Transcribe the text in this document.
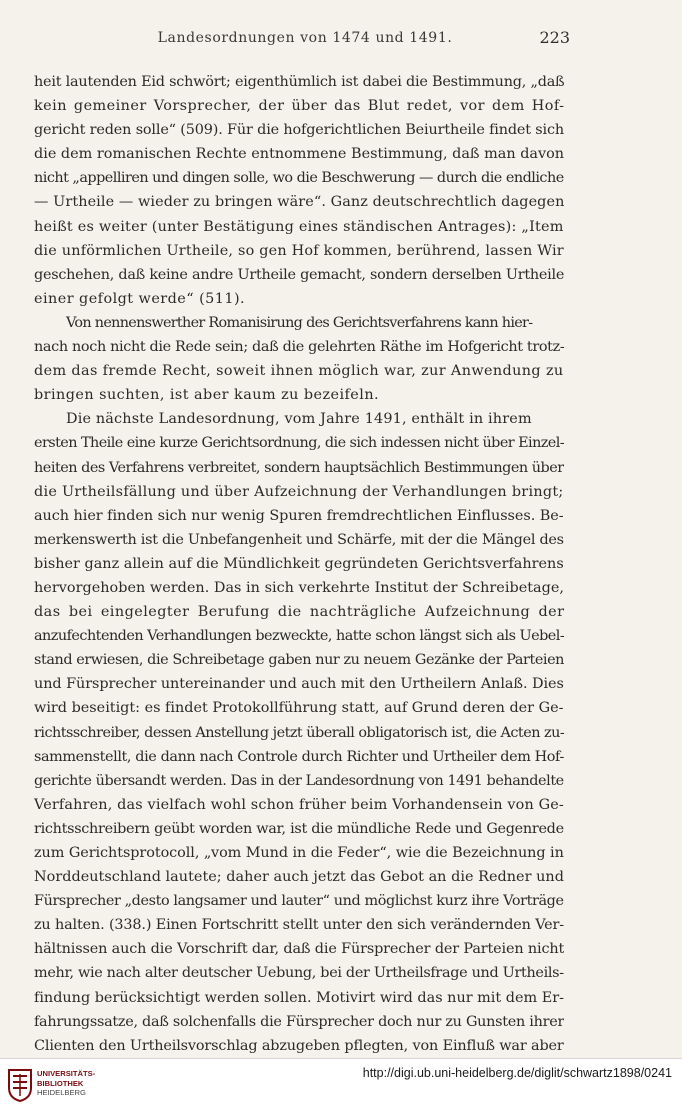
Landesordnungen von 1474 und 1491.	223
heit lautenden Eid schwört; eigenthümlich ist dabei die Bestimmung, „daß
kein gemeiner Vorsprecher, der über das Blut redet, vor dem Hof-
gericht reden solle“ (509). Für die hofgerichtlichen Beiurtheile findet sich
die dem romanischen Rechte entnommene Bestimmung, daß man davon
nicht „appelliren und dingen solle, wo die Beschwerung — durch die endliche
— Urtheile — wieder zu bringen wäre“. Ganz deutschrechtlich dagegen
heißt es weiter (unter Bestätigung eines ständischen Antrages): „Item
die unförmlichen Urtheile, so gen Hof kommen, berührend, lassen Wir
geschehen, daß keine andre Urtheile gemacht, sondern derselben Urtheile
einer gefolgt werde“ (511).
Von nennenswerther Romanisirung des Gerichtsverfahrens kann hier-
nach noch nicht die Rede sein; daß die gelehrten Räthe im Hofgericht trotz-
dem das fremde Recht, soweit ihnen möglich war, zur Anwendung zu
bringen suchten, ist aber kaum zu bezeifeln.
Die nächste Landesordnung, vom Jahre 1491, enthält in ihrem
ersten Theile eine kurze Gerichtsordnung, die sich indessen nicht über Einzel-
heiten des Verfahrens verbreitet, sondern hauptsächlich Bestimmungen über
die Urtheilsfällung und über Aufzeichnung der Verhandlungen bringt;
auch hier finden sich nur wenig Spuren fremdrechtlichen Einflusses. Be-
merkenswerth ist die Unbefangenheit und Schärfe, mit der die Mängel des
bisher ganz allein auf die Mündlichkeit gegründeten Gerichtsverfahrens
hervorgehoben werden. Das in sich verkehrte Institut der Schreibetage,
das bei eingelegter Berufung die nachträgliche Aufzeichnung der
anzufechtenden Verhandlungen bezweckte, hatte schon längst sich als Uebel-
stand erwiesen, die Schreibetage gaben nur zu neuem Gezänke der Parteien
und Fürsprecher untereinander und auch mit den Urtheilern Anlaß. Dies
wird beseitigt: es findet Protokollführung statt, auf Grund deren der Ge-
richtsschreiber, dessen Anstellung jetzt überall obligatorisch ist, die Acten zu-
sammenstellt, die dann nach Controle durch Richter und Urtheiler dem Hof-
gerichte übersandt werden. Das in der Landesordnung von 1491 behandelte
Verfahren, das vielfach wohl schon früher beim Vorhandensein von Ge-
richtsschreibern geübt worden war, ist die mündliche Rede und Gegenrede
zum Gerichtsprotocoll, „vom Mund in die Feder“, wie die Bezeichnung in
Norddeutschland lautete; daher auch jetzt das Gebot an die Redner und
Fürsprecher „desto langsamer und lauter“ und möglichst kurz ihre Vorträge
zu halten. (338.) Einen Fortschritt stellt unter den sich verändernden Ver-
hältnissen auch die Vorschrift dar, daß die Fürsprecher der Parteien nicht
mehr, wie nach alter deutscher Uebung, bei der Urtheilsfrage und Urtheils-
findung berücksichtigt werden sollen. Motivirt wird das nur mit dem Er-
fahrungssatze, daß solchenfalls die Fürsprecher doch nur zu Gunsten ihrer
Clienten den Urtheilsvorschlag abzugeben pflegten, von Einfluß war aber
UNIVERSITÄTS-
BIBLIOTHEK
HEIDELBERG
http://digi.ub.uni-heidelberg.de/diglit/schwartz1898/0241
